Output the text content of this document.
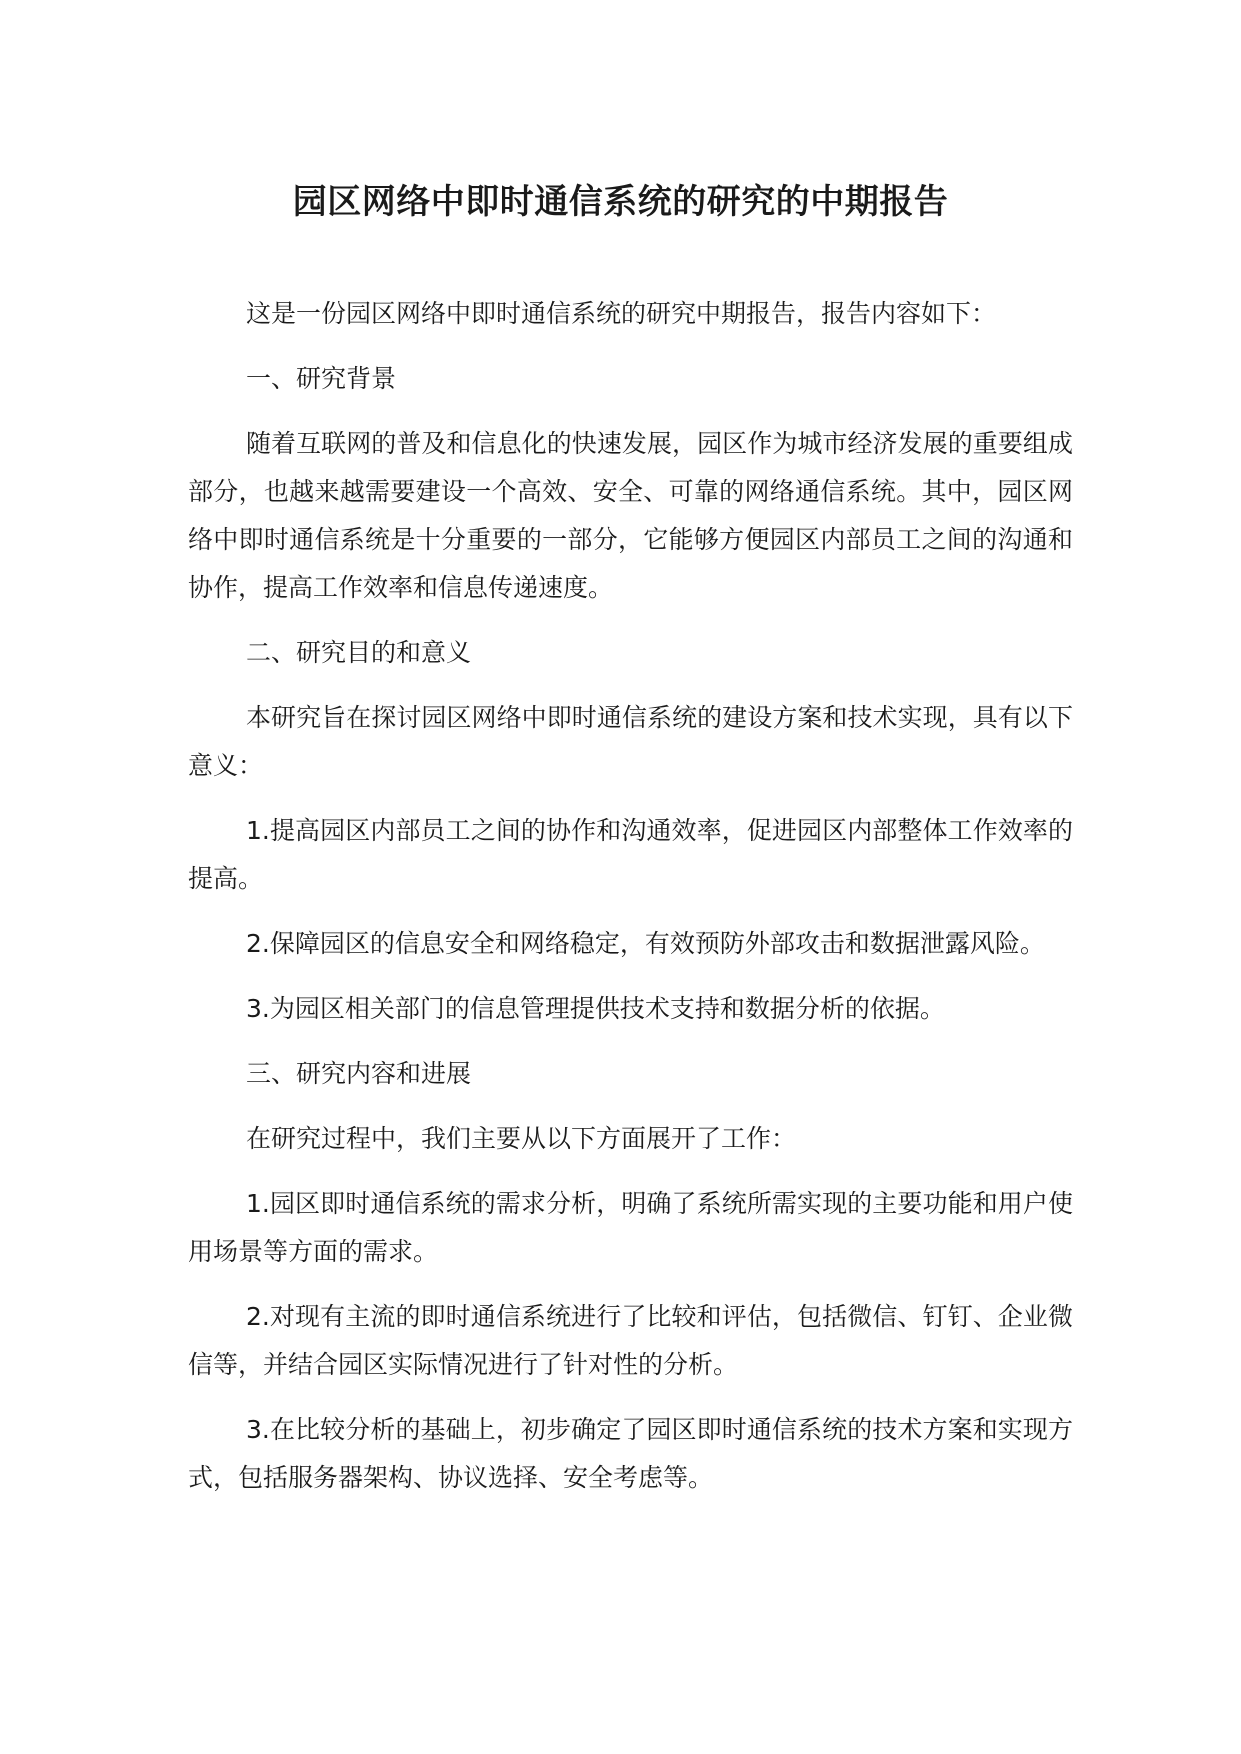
园区网络中即时通信系统的研究的中期报告

这是一份园区网络中即时通信系统的研究中期报告，报告内容如下：

一、研究背景

随着互联网的普及和信息化的快速发展，园区作为城市经济发展的重要组成部分，也越来越需要建设一个高效、安全、可靠的网络通信系统。其中，园区网络中即时通信系统是十分重要的一部分，它能够方便园区内部员工之间的沟通和协作，提高工作效率和信息传递速度。

二、研究目的和意义

本研究旨在探讨园区网络中即时通信系统的建设方案和技术实现，具有以下意义：

1.提高园区内部员工之间的协作和沟通效率，促进园区内部整体工作效率的提高。

2.保障园区的信息安全和网络稳定，有效预防外部攻击和数据泄露风险。

3.为园区相关部门的信息管理提供技术支持和数据分析的依据。

三、研究内容和进展

在研究过程中，我们主要从以下方面展开了工作：

1.园区即时通信系统的需求分析，明确了系统所需实现的主要功能和用户使用场景等方面的需求。

2.对现有主流的即时通信系统进行了比较和评估，包括微信、钉钉、企业微信等，并结合园区实际情况进行了针对性的分析。

3.在比较分析的基础上，初步确定了园区即时通信系统的技术方案和实现方式，包括服务器架构、协议选择、安全考虑等。
